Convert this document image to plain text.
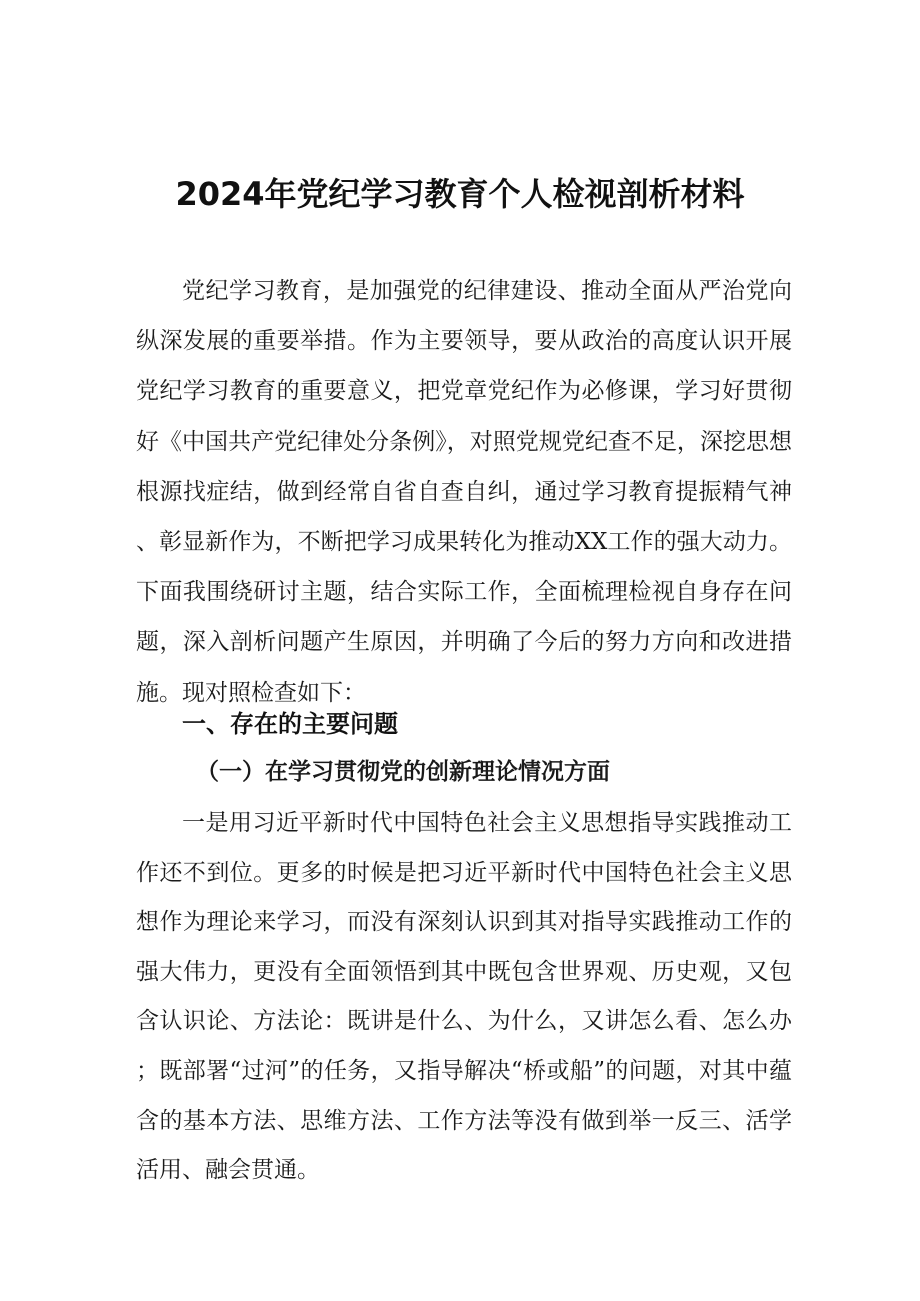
2024年党纪学习教育个人检视剖析材料

党纪学习教育，是加强党的纪律建设、推动全面从严治党向纵深发展的重要举措。作为主要领导，要从政治的高度认识开展党纪学习教育的重要意义，把党章党纪作为必修课，学习好贯彻好《中国共产党纪律处分条例》，对照党规党纪查不足，深挖思想根源找症结，做到经常自省自查自纠，通过学习教育提振精气神、彰显新作为，不断把学习成果转化为推动XX工作的强大动力。下面我围绕研讨主题，结合实际工作，全面梳理检视自身存在问题，深入剖析问题产生原因，并明确了今后的努力方向和改进措施。现对照检查如下：

一、存在的主要问题
（一）在学习贯彻党的创新理论情况方面

一是用习近平新时代中国特色社会主义思想指导实践推动工作还不到位。更多的时候是把习近平新时代中国特色社会主义思想作为理论来学习，而没有深刻认识到其对指导实践推动工作的强大伟力，更没有全面领悟到其中既包含世界观、历史观，又包含认识论、方法论：既讲是什么、为什么，又讲怎么看、怎么办；既部署“过河”的任务，又指导解决“桥或船”的问题，对其中蕴含的基本方法、思维方法、工作方法等没有做到举一反三、活学活用、融会贯通。
